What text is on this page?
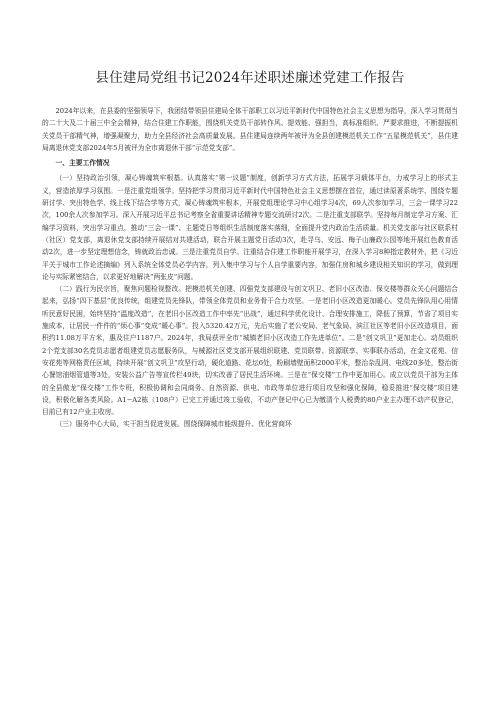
县住建局党组书记2024年述职述廉述党建工作报告

2024年以来，在县委的坚强领导下，我团结带领县住建局全体干部职工以习近平新时代中国特色社会主义思想为指导，深入学习贯彻当的二十大及二十届三中全会精神，结合住建工作职能，围绕机关党员干部转作风、提效能、强担当，高标准组织、严要求推进，不断提振机关党员干部精气神，增强凝聚力，助力全县经济社会高质量发展。县住建局连续两年被评为全县创建模范机关工作“五星模范机关”，县住建局离退休党支部2024年5月被评为全市离退休干部“示范党支部”。

一、主要工作情况

（一）坚持政治引领，凝心铸魂筑牢根基。认真落实“第一议题”制度，创新学习方式方法，拓展学习载体平台，力戒学习上的形式主义，营造浓厚学习氛围。一是注重党组领学。坚持把学习贯彻习近平新时代中国特色社会主义思想摆在首位，通过读原著系统学、围绕专题研讨学、突出特色学、线上线下结合学等方式，凝心铸魂筑牢根本，开展党组理论学习中心组学习4次，69人次参加学习，三会一课学习22次，100余人次参加学习。深入开展习近平总书记考察全省重要讲话精神专题交流研讨2次。二是注重支部联学。坚持每月制定学习方案、汇编学习资料，突出学习重点，推动“三会一课”、主题党日等组织生活制度落实落细，全面提升党内政治生活质量。机关党支部与社区联系村（社区）党支部，离退休党支部持续开展结对共建活动，联合开展主题党日活动3次，赴寻乌、安远、梅子山廉政公园等地开展红色教育活动2次，进一步坚定理想信念，铸就政治忠诚。三是注重党员自学。注重结合住建工作职能开展学习，在深入学习8种指定教材外，把《习近平关于城市工作论述摘编》列入系统全体党员必学内容，列入集中学习与个人自学重要内容，加强住房和城乡建设相关知识的学习，做到理论与实际紧密结合，以求更好地解决“两张皮”问题。

（二）践行为民宗旨，聚焦问题检视整改。把模范机关创建、四强党支部建设与创文巩卫、老旧小区改造、保交楼等群众关心问题结合起来，弘扬“四下基层”优良传统，组建党员先锋队，带领全体党员和业务骨干合力攻坚。一是老旧小区改造更加暖心。党员先锋队用心用情听民意好民困，始终坚持“温度改造”，在老旧小区改造工作中率先“出战”，通过科学优化设计、合理安排施工，降低了预算，节省了项目实施成本，让居民一件件的“烦心事”变成“暖心事”。投入5320.42万元，先后实施了老公安局、老气象局、滨江社区等老旧小区改造项目，面积约11.08万平方米，惠及住户1187户。2024年，我局获评全市“城镇老旧小区改造工作先进单位”。二是“创文巩卫”更加走心。动员组织2个党支部30名党员志愿者组建党员志愿服务队，与械源社区党支部开展组织联建、党员联带、资源联享、实事联办活动，在金文花苑、信安花苑等网格责任区域，持续开展“创文巩卫”攻坚行动，硬化道路、花坛6处，粉刷墙壁面积2000平米，整治杂乱网、电线20多处，整治街心餐馆油烟管道等3处，安装公益广告等宣传栏49块，切实改善了居民生活环境。三是在“保交楼”工作中更加用心。成立以党员干部为主体的全县傲龙“保交楼”工作专班，积极协调和会同商务、自然资源、供电、市政等单位进行项目攻坚和强化保障，稳妥推进“保交楼”项目建设，积极化解各类风险。A1−A2栋（108户）已完工并通过竣工验收，不动产登记中心已为缴清个人税费的80户业主办理不动产权登记，目前已有12户业主收房。

（三）服务中心大局，实干担当促进发展。围绕保障城市能级提升、优化营商环
